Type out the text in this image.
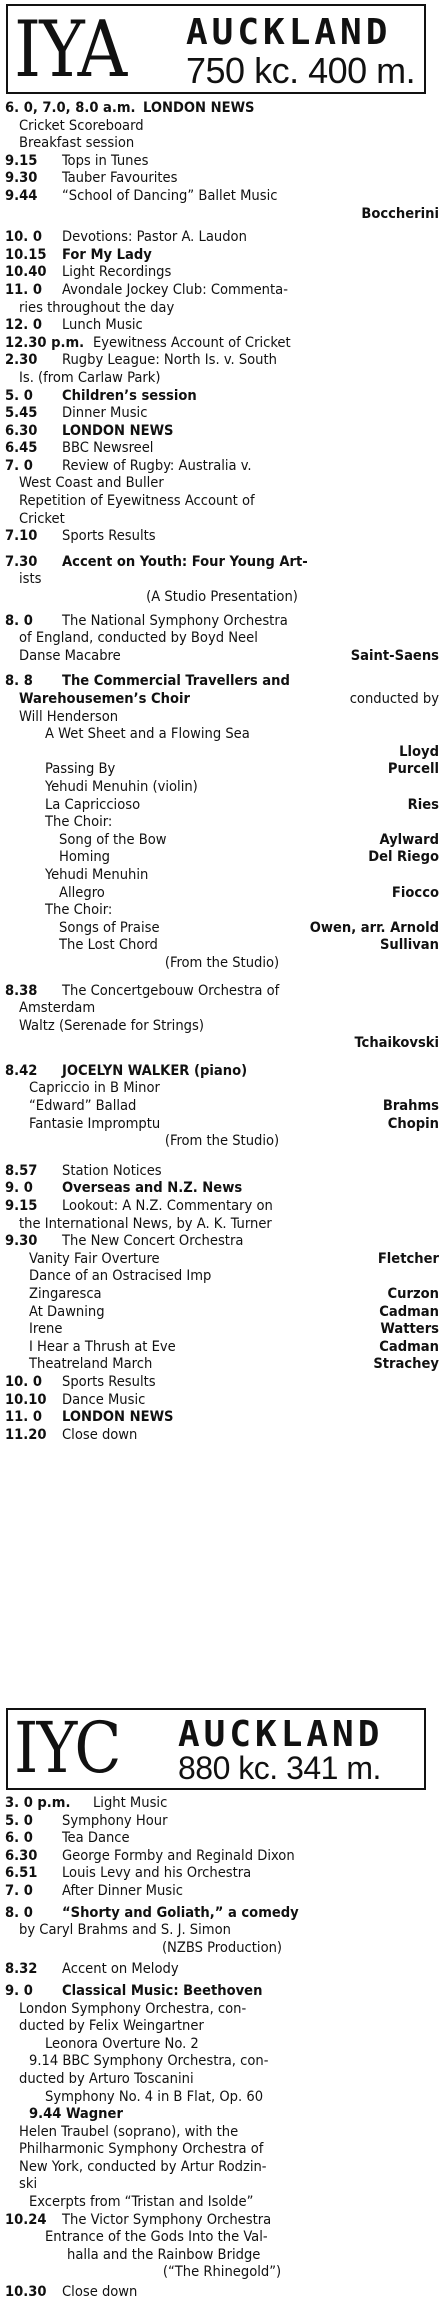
IYA AUCKLAND
750 kc. 400 m.
6. 0, 7.0, 8.0 a.m. LONDON NEWS
Cricket Scoreboard
Breakfast session
9.15	Tops in Tunes
9.30	Tauber Favourites
9.44	“School of Dancing” Ballet Music
Boccherini
10. 0	Devotions: Pastor A. Laudon
10.15	For My Lady
10.40	Light Recordings
11. 0	Avondale Jockey Club: Commenta-
ries throughout the day
12. 0	Lunch Music
12.30 p.m. Eyewitness Account of Cricket
2.30	Rugby League: North Is. v. South
Is. (from Carlaw Park)
5. 0	Children’s session
5.45	Dinner Music
6.30	LONDON NEWS
6.45	BBC Newsreel
7. 0	Review of Rugby: Australia v.
West Coast and Buller
Repetition of Eyewitness Account of
Cricket
7.10	Sports Results
7.30	Accent on Youth: Four Young Art-
ists
(A Studio Presentation)
8. 0	The National Symphony Orchestra
of England, conducted by Boyd Neel
Danse Macabre	Saint-Saens
8. 8	The Commercial Travellers and
Warehousemen’s Choir	conducted by
Will Henderson
A Wet Sheet and a Flowing Sea
Lloyd
Passing By	Purcell
Yehudi Menuhin (violin)
La Capriccioso	Ries
The Choir:
Song of the Bow	Aylward
Homing	Del Riego
Yehudi Menuhin
Allegro	Fiocco
The Choir:
Songs of Praise	Owen, arr. Arnold
The Lost Chord	Sullivan
(From the Studio)
8.38	The Concertgebouw Orchestra of
Amsterdam
Waltz (Serenade for Strings)
Tchaikovski
8.42	JOCELYN WALKER (piano)
Capriccio in B Minor
“Edward” Ballad	Brahms
Fantasie Impromptu	Chopin
(From the Studio)
8.57	Station Notices
9. 0	Overseas and N.Z. News
9.15	Lookout: A N.Z. Commentary on
the International News, by A. K. Turner
9.30	The New Concert Orchestra
Vanity Fair Overture	Fletcher
Dance of an Ostracised Imp
Zingaresca	Curzon
At Dawning	Cadman
Irene	Watters
I Hear a Thrush at Eve	Cadman
Theatreland March	Strachey
10. 0	Sports Results
10.10	Dance Music
11. 0	LONDON NEWS
11.20	Close down
IYC AUCKLAND
880 kc. 341 m.
3. 0 p.m.	Light Music
5. 0	Symphony Hour
6. 0	Tea Dance
6.30	George Formby and Reginald Dixon
6.51	Louis Levy and his Orchestra
7. 0	After Dinner Music
8. 0	“Shorty and Goliath,” a comedy
by Caryl Brahms and S. J. Simon
(NZBS Production)
8.32	Accent on Melody
9. 0	Classical Music: Beethoven
London Symphony Orchestra, con-
ducted by Felix Weingartner
Leonora Overture No. 2
9.14 BBC Symphony Orchestra, con-
ducted by Arturo Toscanini
Symphony No. 4 in B Flat, Op. 60
9.44 Wagner
Helen Traubel (soprano), with the
Philharmonic Symphony Orchestra of
New York, conducted by Artur Rodzin-
ski
Excerpts from “Tristan and Isolde”
10.24	The Victor Symphony Orchestra
Entrance of the Gods Into the Val-
halla and the Rainbow Bridge
(“The Rhinegold”)
10.30	Close down
